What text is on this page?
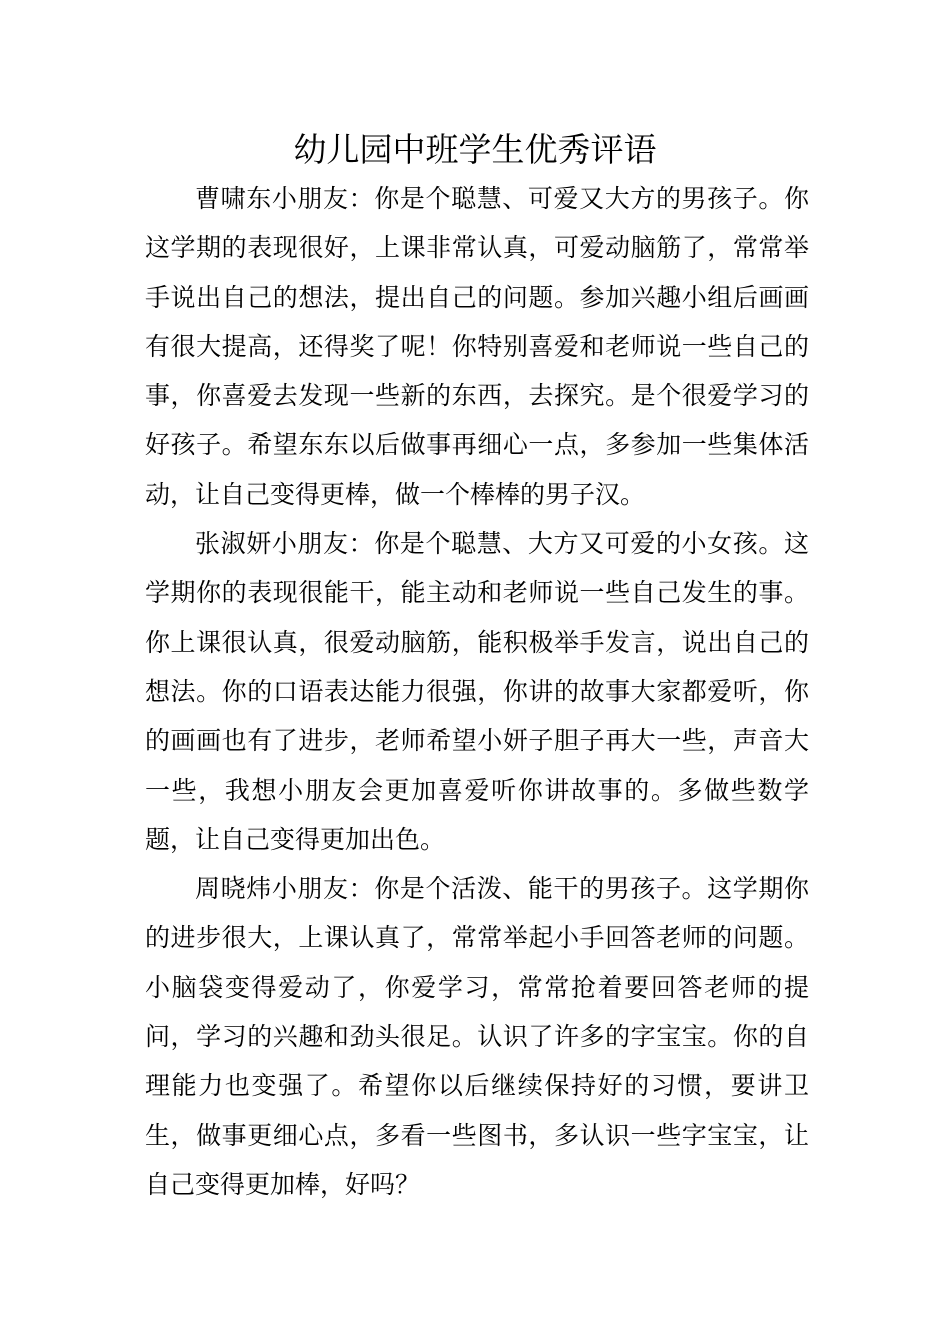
幼儿园中班学生优秀评语

曹啸东小朋友：你是个聪慧、可爱又大方的男孩子。你这学期的表现很好，上课非常认真，可爱动脑筋了，常常举手说出自己的想法，提出自己的问题。参加兴趣小组后画画有很大提高，还得奖了呢！你特别喜爱和老师说一些自己的事，你喜爱去发现一些新的东西，去探究。是个很爱学习的好孩子。希望东东以后做事再细心一点，多参加一些集体活动，让自己变得更棒，做一个棒棒的男子汉。

张淑妍小朋友：你是个聪慧、大方又可爱的小女孩。这学期你的表现很能干，能主动和老师说一些自己发生的事。你上课很认真，很爱动脑筋，能积极举手发言，说出自己的想法。你的口语表达能力很强，你讲的故事大家都爱听，你的画画也有了进步，老师希望小妍子胆子再大一些，声音大一些，我想小朋友会更加喜爱听你讲故事的。多做些数学题，让自己变得更加出色。

周晓炜小朋友：你是个活泼、能干的男孩子。这学期你的进步很大，上课认真了，常常举起小手回答老师的问题。小脑袋变得爱动了，你爱学习，常常抢着要回答老师的提问，学习的兴趣和劲头很足。认识了许多的字宝宝。你的自理能力也变强了。希望你以后继续保持好的习惯，要讲卫生，做事更细心点，多看一些图书，多认识一些字宝宝，让自己变得更加棒，好吗？
